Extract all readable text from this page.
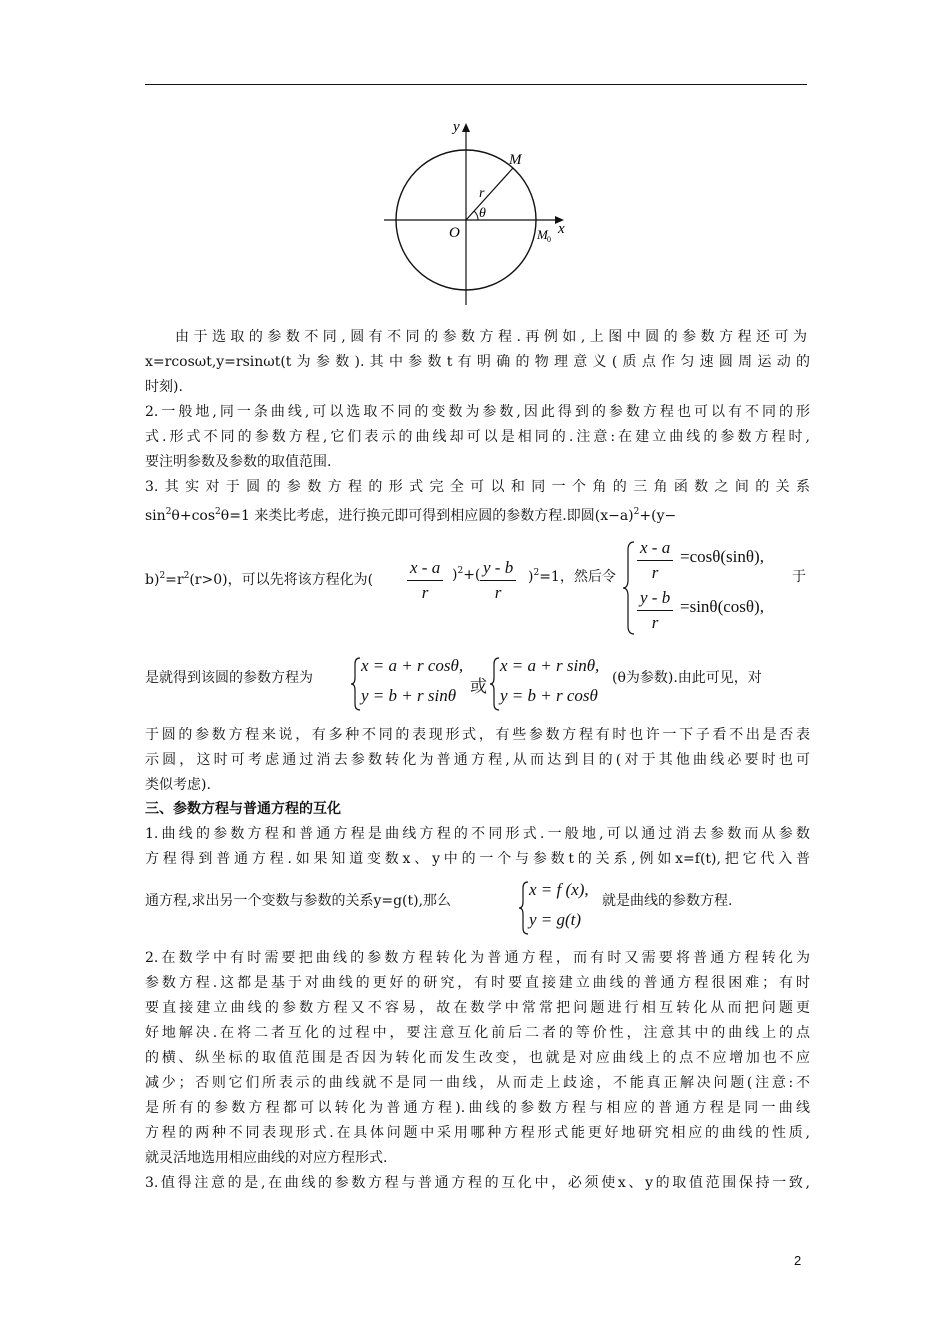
y
x
O
M
M 0
r
θ
由于选取的参数不同,圆有不同的参数方程.再例如,上图中圆的参数方程还可为
x=rcosωt,y=rsinωt(t为参数).其中参数t有明确的物理意义(质点作匀速圆周运动的
时刻).
2.一般地,同一条曲线,可以选取不同的变数为参数,因此得到的参数方程也可以有不同的形
式.形式不同的参数方程,它们表示的曲线却可以是相同的.注意:在建立曲线的参数方程时,
要注明参数及参数的取值范围.
3.其实对于圆的参数方程的形式完全可以和同一个角的三角函数之间的关系
$\sin^2\theta+\cos^2\theta=1$ 来类比考虑，进行换元即可得到相应圆的参数方程.即圆$(x-a)^2+(y-$
$b)^2=r^2(r>0)$，可以先将该方程化为( $\frac{x - a}{r} )^2+( \frac{y - b}{r} )^2=1$，然后令 $\frac{x - a}{r} =\cos\theta(\sin\theta)$,
$\frac{y - b}{r} =\sin\theta(\cos\theta)$,
于
是就得到该圆的参数方程为
x = a + r cosθ,
y = b + r sinθ 或
x = a + r sinθ,
y = b + r cosθ
(θ为参数).由此可见，对
于圆的参数方程来说，有多种不同的表现形式，有些参数方程有时也许一下子看不出是否表
示圆，这时可考虑通过消去参数转化为普通方程,从而达到目的(对于其他曲线必要时也可
类似考虑).
三、参数方程与普通方程的互化
1.曲线的参数方程和普通方程是曲线方程的不同形式.一般地,可以通过消去参数而从参数
方程得到普通方程.如果知道变数x、y中的一个与参数t的关系,例如x=f(t),把它代入普
通方程,求出另一个变数与参数的关系y=g(t),那么
x = f (x),
y = g(t)
就是曲线的参数方程.
2.在数学中有时需要把曲线的参数方程转化为普通方程，而有时又需要将普通方程转化为
参数方程.这都是基于对曲线的更好的研究，有时要直接建立曲线的普通方程很困难；有时
要直接建立曲线的参数方程又不容易，故在数学中常常把问题进行相互转化从而把问题更
好地解决.在将二者互化的过程中，要注意互化前后二者的等价性，注意其中的曲线上的点
的横、纵坐标的取值范围是否因为转化而发生改变，也就是对应曲线上的点不应增加也不应
减少；否则它们所表示的曲线就不是同一曲线，从而走上歧途，不能真正解决问题(注意:不
是所有的参数方程都可以转化为普通方程).曲线的参数方程与相应的普通方程是同一曲线
方程的两种不同表现形式.在具体问题中采用哪种方程形式能更好地研究相应的曲线的性质,
就灵活地选用相应曲线的对应方程形式.
3.值得注意的是,在曲线的参数方程与普通方程的互化中，必须使x、y的取值范围保持一致,
2
